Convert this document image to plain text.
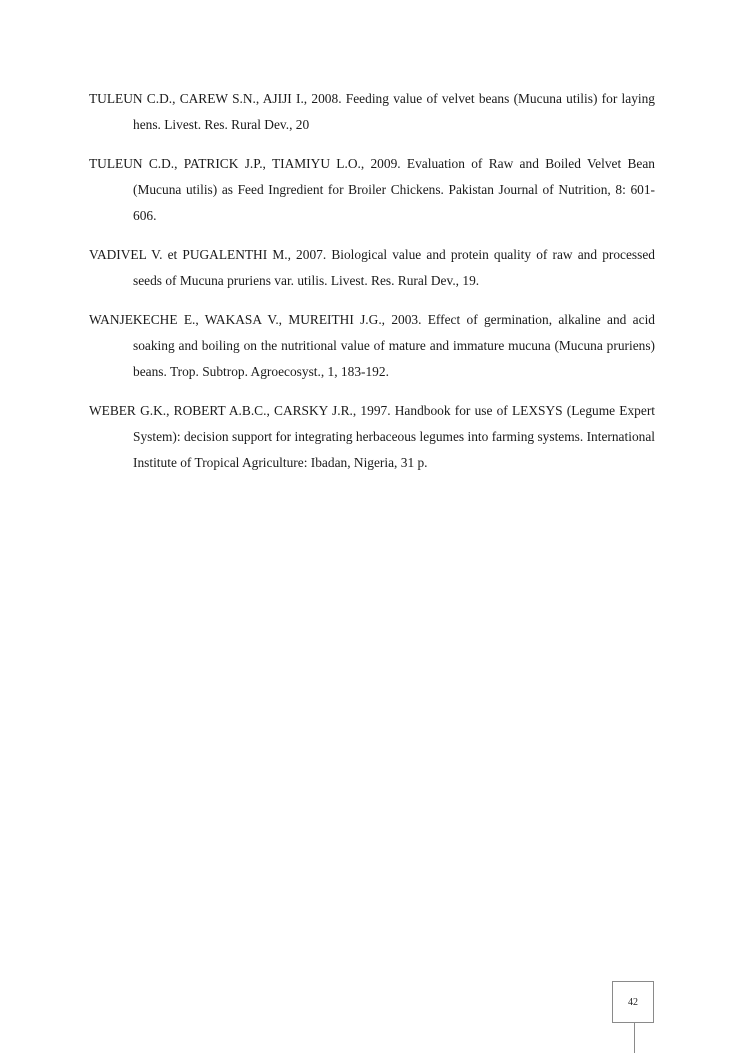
TULEUN C.D., CAREW S.N., AJIJI I., 2008. Feeding value of velvet beans (Mucuna utilis) for laying hens. Livest. Res. Rural Dev., 20

TULEUN C.D., PATRICK J.P., TIAMIYU L.O., 2009. Evaluation of Raw and Boiled Velvet Bean (Mucuna utilis) as Feed Ingredient for Broiler Chickens. Pakistan Journal of Nutrition, 8: 601-606.

VADIVEL V. et PUGALENTHI M., 2007. Biological value and protein quality of raw and processed seeds of Mucuna pruriens var. utilis. Livest. Res. Rural Dev., 19.

WANJEKECHE E., WAKASA V., MUREITHI J.G., 2003. Effect of germination, alkaline and acid soaking and boiling on the nutritional value of mature and immature mucuna (Mucuna pruriens) beans. Trop. Subtrop. Agroecosyst., 1, 183-192.

WEBER G.K., ROBERT A.B.C., CARSKY J.R., 1997. Handbook for use of LEXSYS (Legume Expert System): decision support for integrating herbaceous legumes into farming systems. International Institute of Tropical Agriculture: Ibadan, Nigeria, 31 p.

42
